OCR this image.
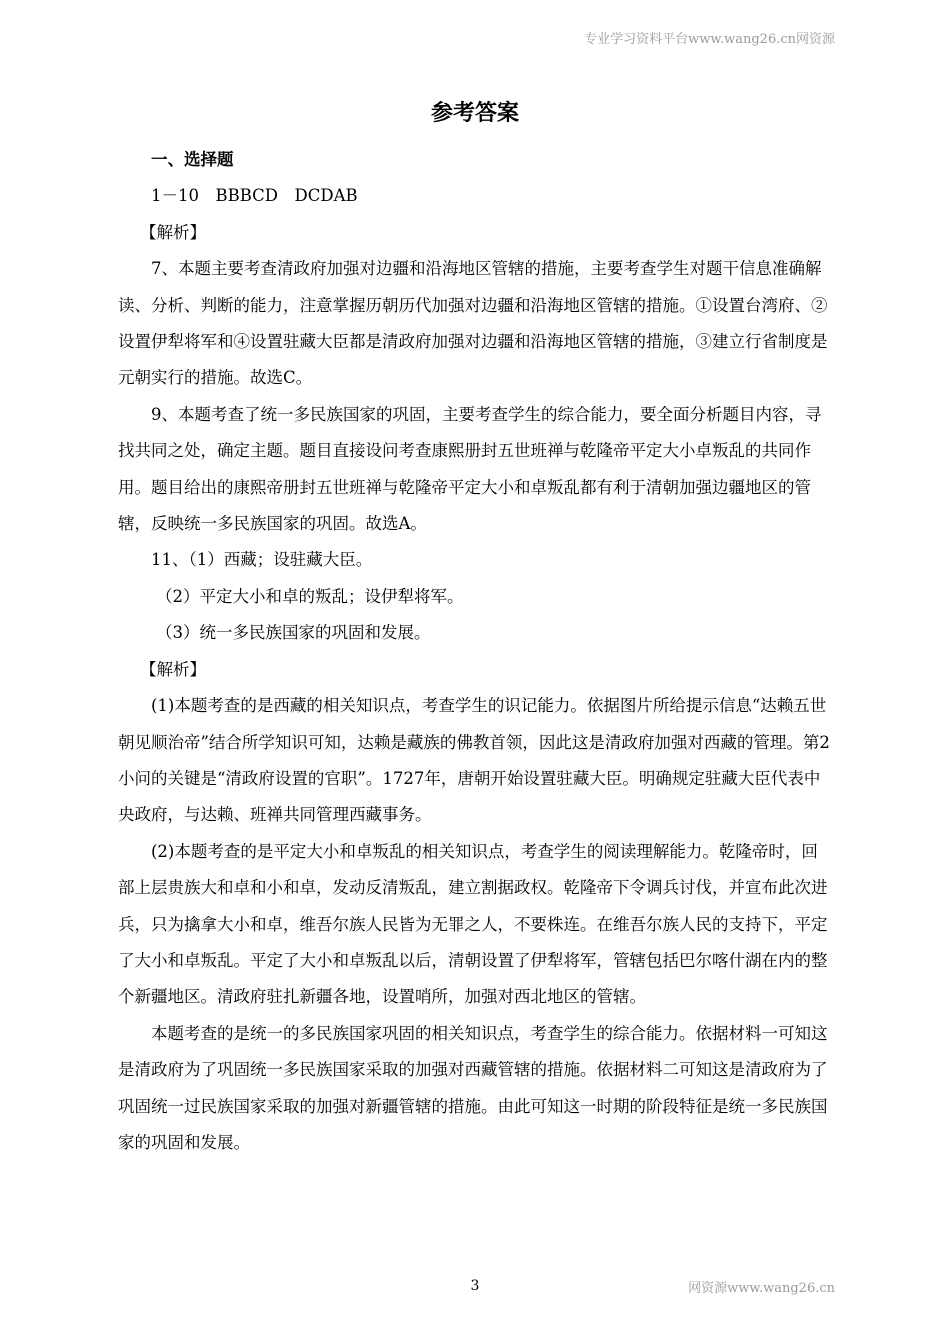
专业学习资料平台www.wang26.cn网资源
参考答案

一、选择题

1－10　BBBCD　DCDAB

【解析】

7、本题主要考查清政府加强对边疆和沿海地区管辖的措施，主要考查学生对题干信息准确解读、分析、判断的能力，注意掌握历朝历代加强对边疆和沿海地区管辖的措施。①设置台湾府、②设置伊犁将军和④设置驻藏大臣都是清政府加强对边疆和沿海地区管辖的措施，③建立行省制度是元朝实行的措施。故选C。

9、本题考查了统一多民族国家的巩固，主要考查学生的综合能力，要全面分析题目内容，寻找共同之处，确定主题。题目直接设问考查康熙册封五世班禅与乾隆帝平定大小卓叛乱的共同作用。题目给出的康熙帝册封五世班禅与乾隆帝平定大小和卓叛乱都有利于清朝加强边疆地区的管辖，反映统一多民族国家的巩固。故选A。

11、（1）西藏；设驻藏大臣。

（2）平定大小和卓的叛乱；设伊犁将军。

（3）统一多民族国家的巩固和发展。

【解析】

(1)本题考查的是西藏的相关知识点，考查学生的识记能力。依据图片所给提示信息“达赖五世朝见顺治帝”结合所学知识可知，达赖是藏族的佛教首领，因此这是清政府加强对西藏的管理。第2小问的关键是“清政府设置的官职”。1727年，唐朝开始设置驻藏大臣。明确规定驻藏大臣代表中央政府，与达赖、班禅共同管理西藏事务。

(2)本题考查的是平定大小和卓叛乱的相关知识点，考查学生的阅读理解能力。乾隆帝时，回部上层贵族大和卓和小和卓，发动反清叛乱，建立割据政权。乾隆帝下令调兵讨伐，并宣布此次进兵，只为擒拿大小和卓，维吾尔族人民皆为无罪之人，不要株连。在维吾尔族人民的支持下，平定了大小和卓叛乱。平定了大小和卓叛乱以后，清朝设置了伊犁将军，管辖包括巴尔喀什湖在内的整个新疆地区。清政府驻扎新疆各地，设置哨所，加强对西北地区的管辖。

本题考查的是统一的多民族国家巩固的相关知识点，考查学生的综合能力。依据材料一可知这是清政府为了巩固统一多民族国家采取的加强对西藏管辖的措施。依据材料二可知这是清政府为了巩固统一过民族国家采取的加强对新疆管辖的措施。由此可知这一时期的阶段特征是统一多民族国家的巩固和发展。

3	网资源www.wang26.cn
